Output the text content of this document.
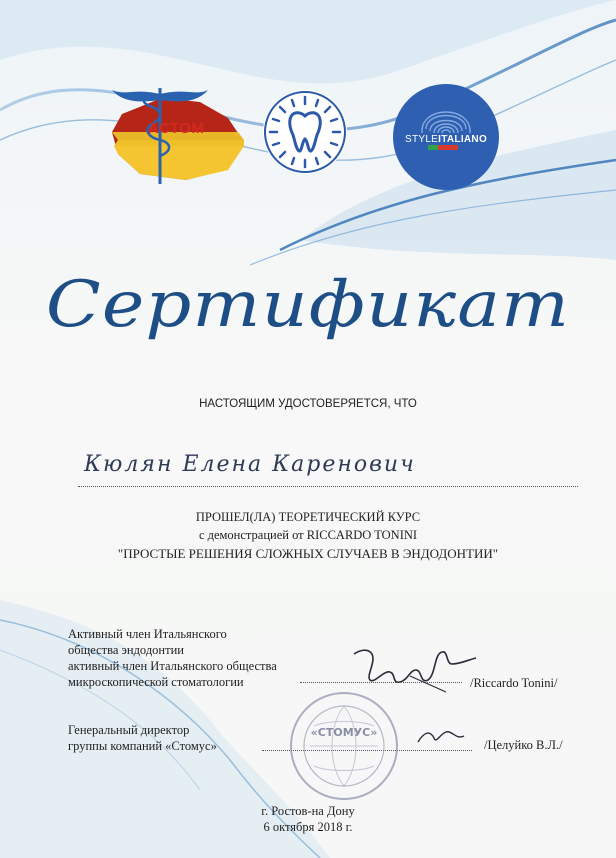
АСТОМ
STYLEITALIANO
Сертификат
НАСТОЯЩИМ УДОСТОВЕРЯЕТСЯ, ЧТО
Кюлян Елена Каренович
ПРОШЕЛ(ЛА) ТЕОРЕТИЧЕСКИЙ КУРС
с демонстрацией от RICCARDO TONINI
"ПРОСТЫЕ РЕШЕНИЯ СЛОЖНЫХ СЛУЧАЕВ В ЭНДОДОНТИИ"
Активный член Итальянского
общества эндодонтии
активный член Итальянского общества
микроскопической стоматологии	/Riccardo Tonini/
Генеральный директор
группы компаний «Стомус»	/Целуйко В.Л./
«СТОМУС»
г. Ростов-на Дону
6 октября 2018 г.
